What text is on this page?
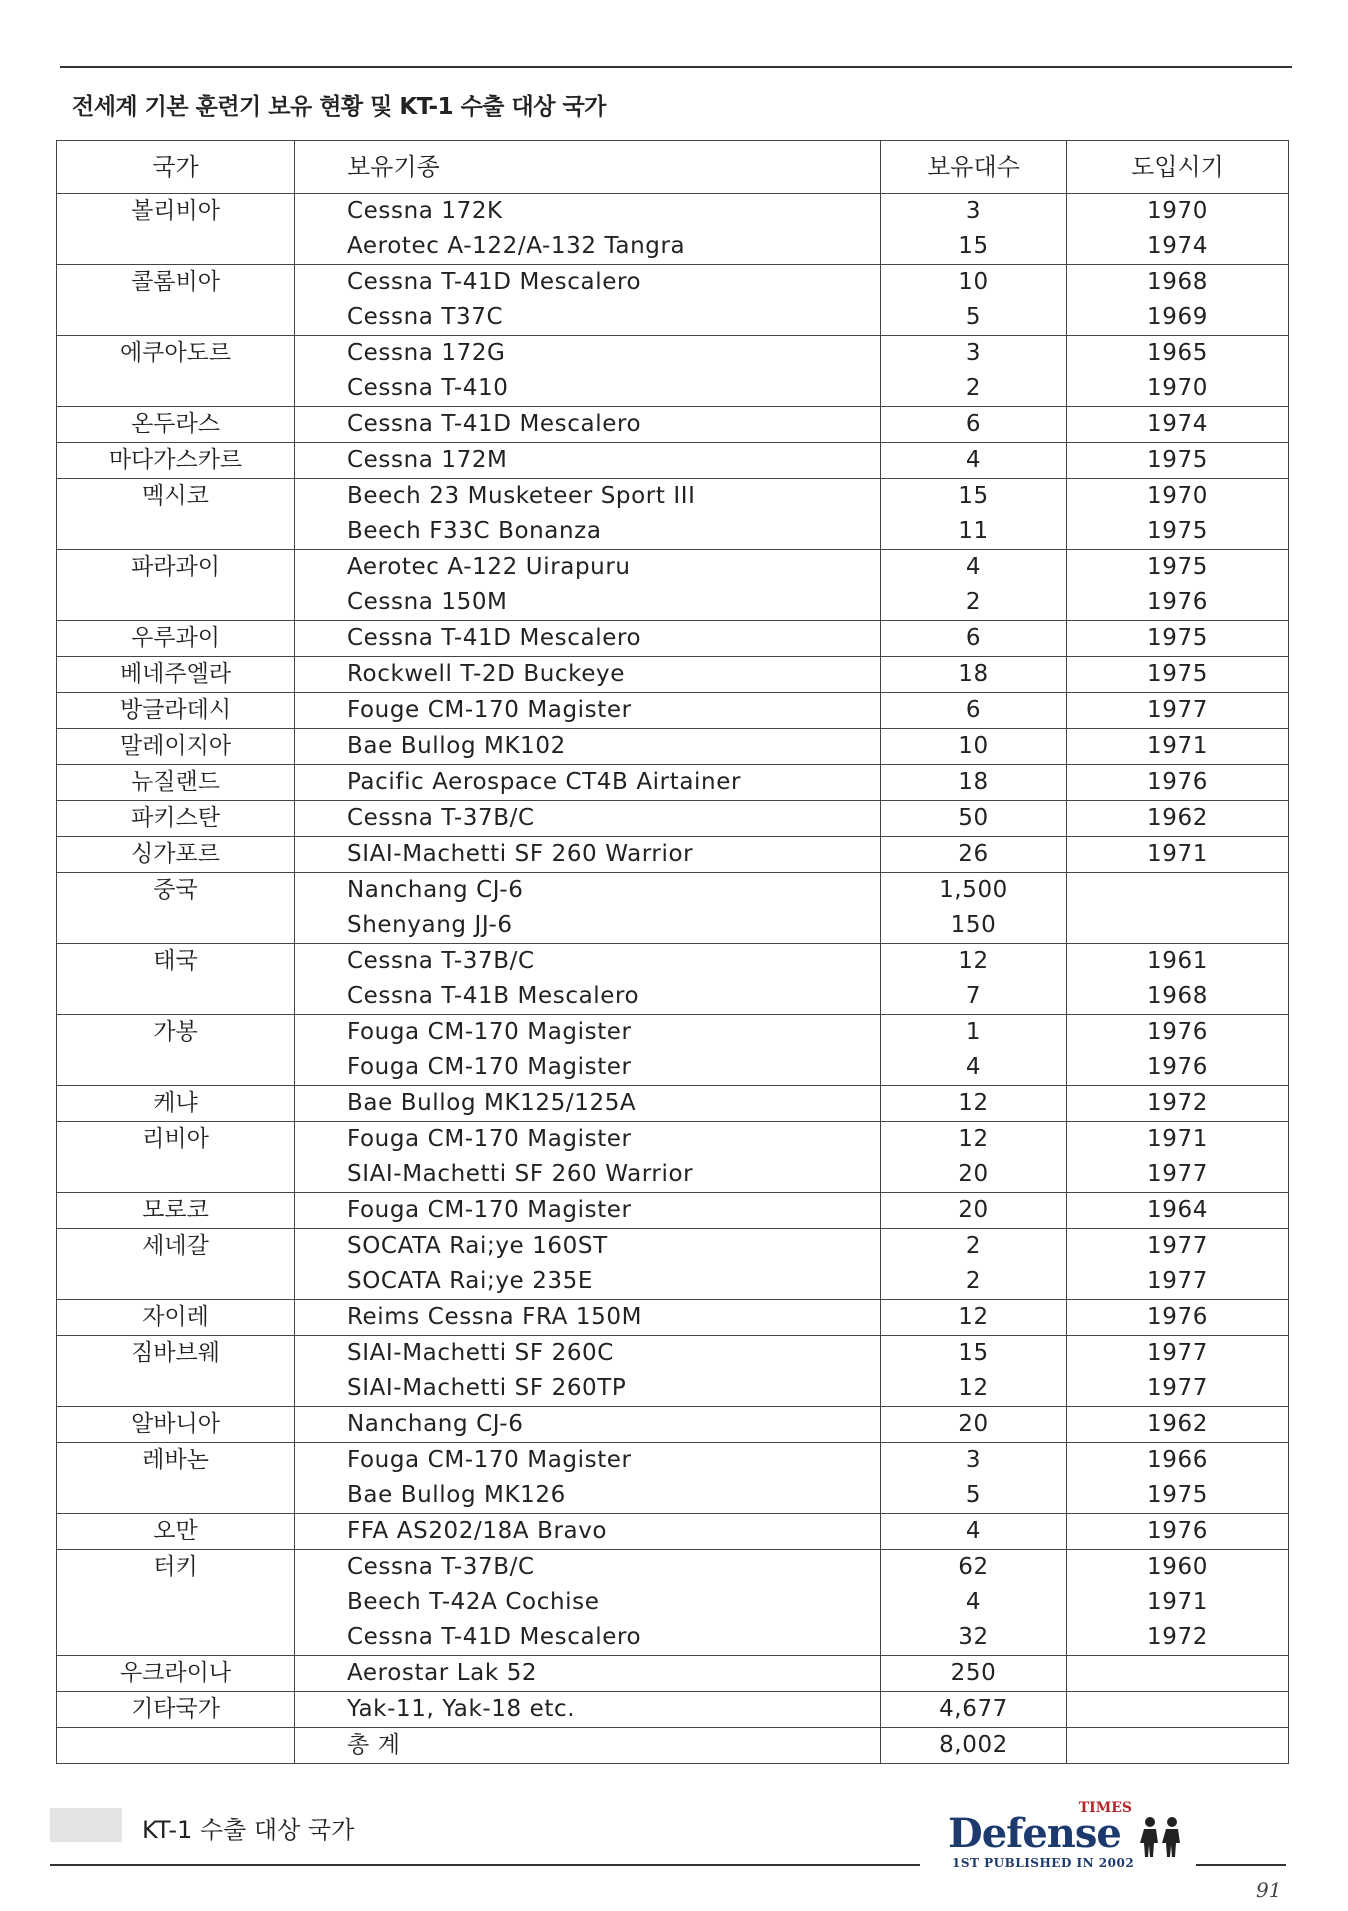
전세계 기본 훈련기 보유 현황 및 KT-1 수출 대상 국가
국가	보유기종	보유대수	도입시기
볼리비아	Cessna 172K	3	1970
	Aerotec A-122/A-132 Tangra	15	1974
콜롬비아	Cessna T-41D Mescalero	10	1968
	Cessna T37C	5	1969
에쿠아도르	Cessna 172G	3	1965
	Cessna T-410	2	1970
온두라스	Cessna T-41D Mescalero	6	1974
마다가스카르	Cessna 172M	4	1975
멕시코	Beech 23 Musketeer Sport III	15	1970
	Beech F33C Bonanza	11	1975
파라과이	Aerotec A-122 Uirapuru	4	1975
	Cessna 150M	2	1976
우루과이	Cessna T-41D Mescalero	6	1975
베네주엘라	Rockwell T-2D Buckeye	18	1975
방글라데시	Fouge CM-170 Magister	6	1977
말레이지아	Bae Bullog MK102	10	1971
뉴질랜드	Pacific Aerospace CT4B Airtainer	18	1976
파키스탄	Cessna T-37B/C	50	1962
싱가포르	SIAI-Machetti SF 260 Warrior	26	1971
중국	Nanchang CJ-6	1,500	
	Shenyang JJ-6	150	
태국	Cessna T-37B/C	12	1961
	Cessna T-41B Mescalero	7	1968
가봉	Fouga CM-170 Magister	1	1976
	Fouga CM-170 Magister	4	1976
케냐	Bae Bullog MK125/125A	12	1972
리비아	Fouga CM-170 Magister	12	1971
	SIAI-Machetti SF 260 Warrior	20	1977
모로코	Fouga CM-170 Magister	20	1964
세네갈	SOCATA Rai;ye 160ST	2	1977
	SOCATA Rai;ye 235E	2	1977
자이레	Reims Cessna FRA 150M	12	1976
짐바브웨	SIAI-Machetti SF 260C	15	1977
	SIAI-Machetti SF 260TP	12	1977
알바니아	Nanchang CJ-6	20	1962
레바논	Fouga CM-170 Magister	3	1966
	Bae Bullog MK126	5	1975
오만	FFA AS202/18A Bravo	4	1976
터키	Cessna T-37B/C	62	1960
	Beech T-42A Cochise	4	1971
	Cessna T-41D Mescalero	32	1972
우크라이나	Aerostar Lak 52	250	
기타국가	Yak-11, Yak-18 etc.	4,677	
	총 계	8,002	
KT-1 수출 대상 국가
TIMES
Defense
1ST PUBLISHED IN 2002
91
